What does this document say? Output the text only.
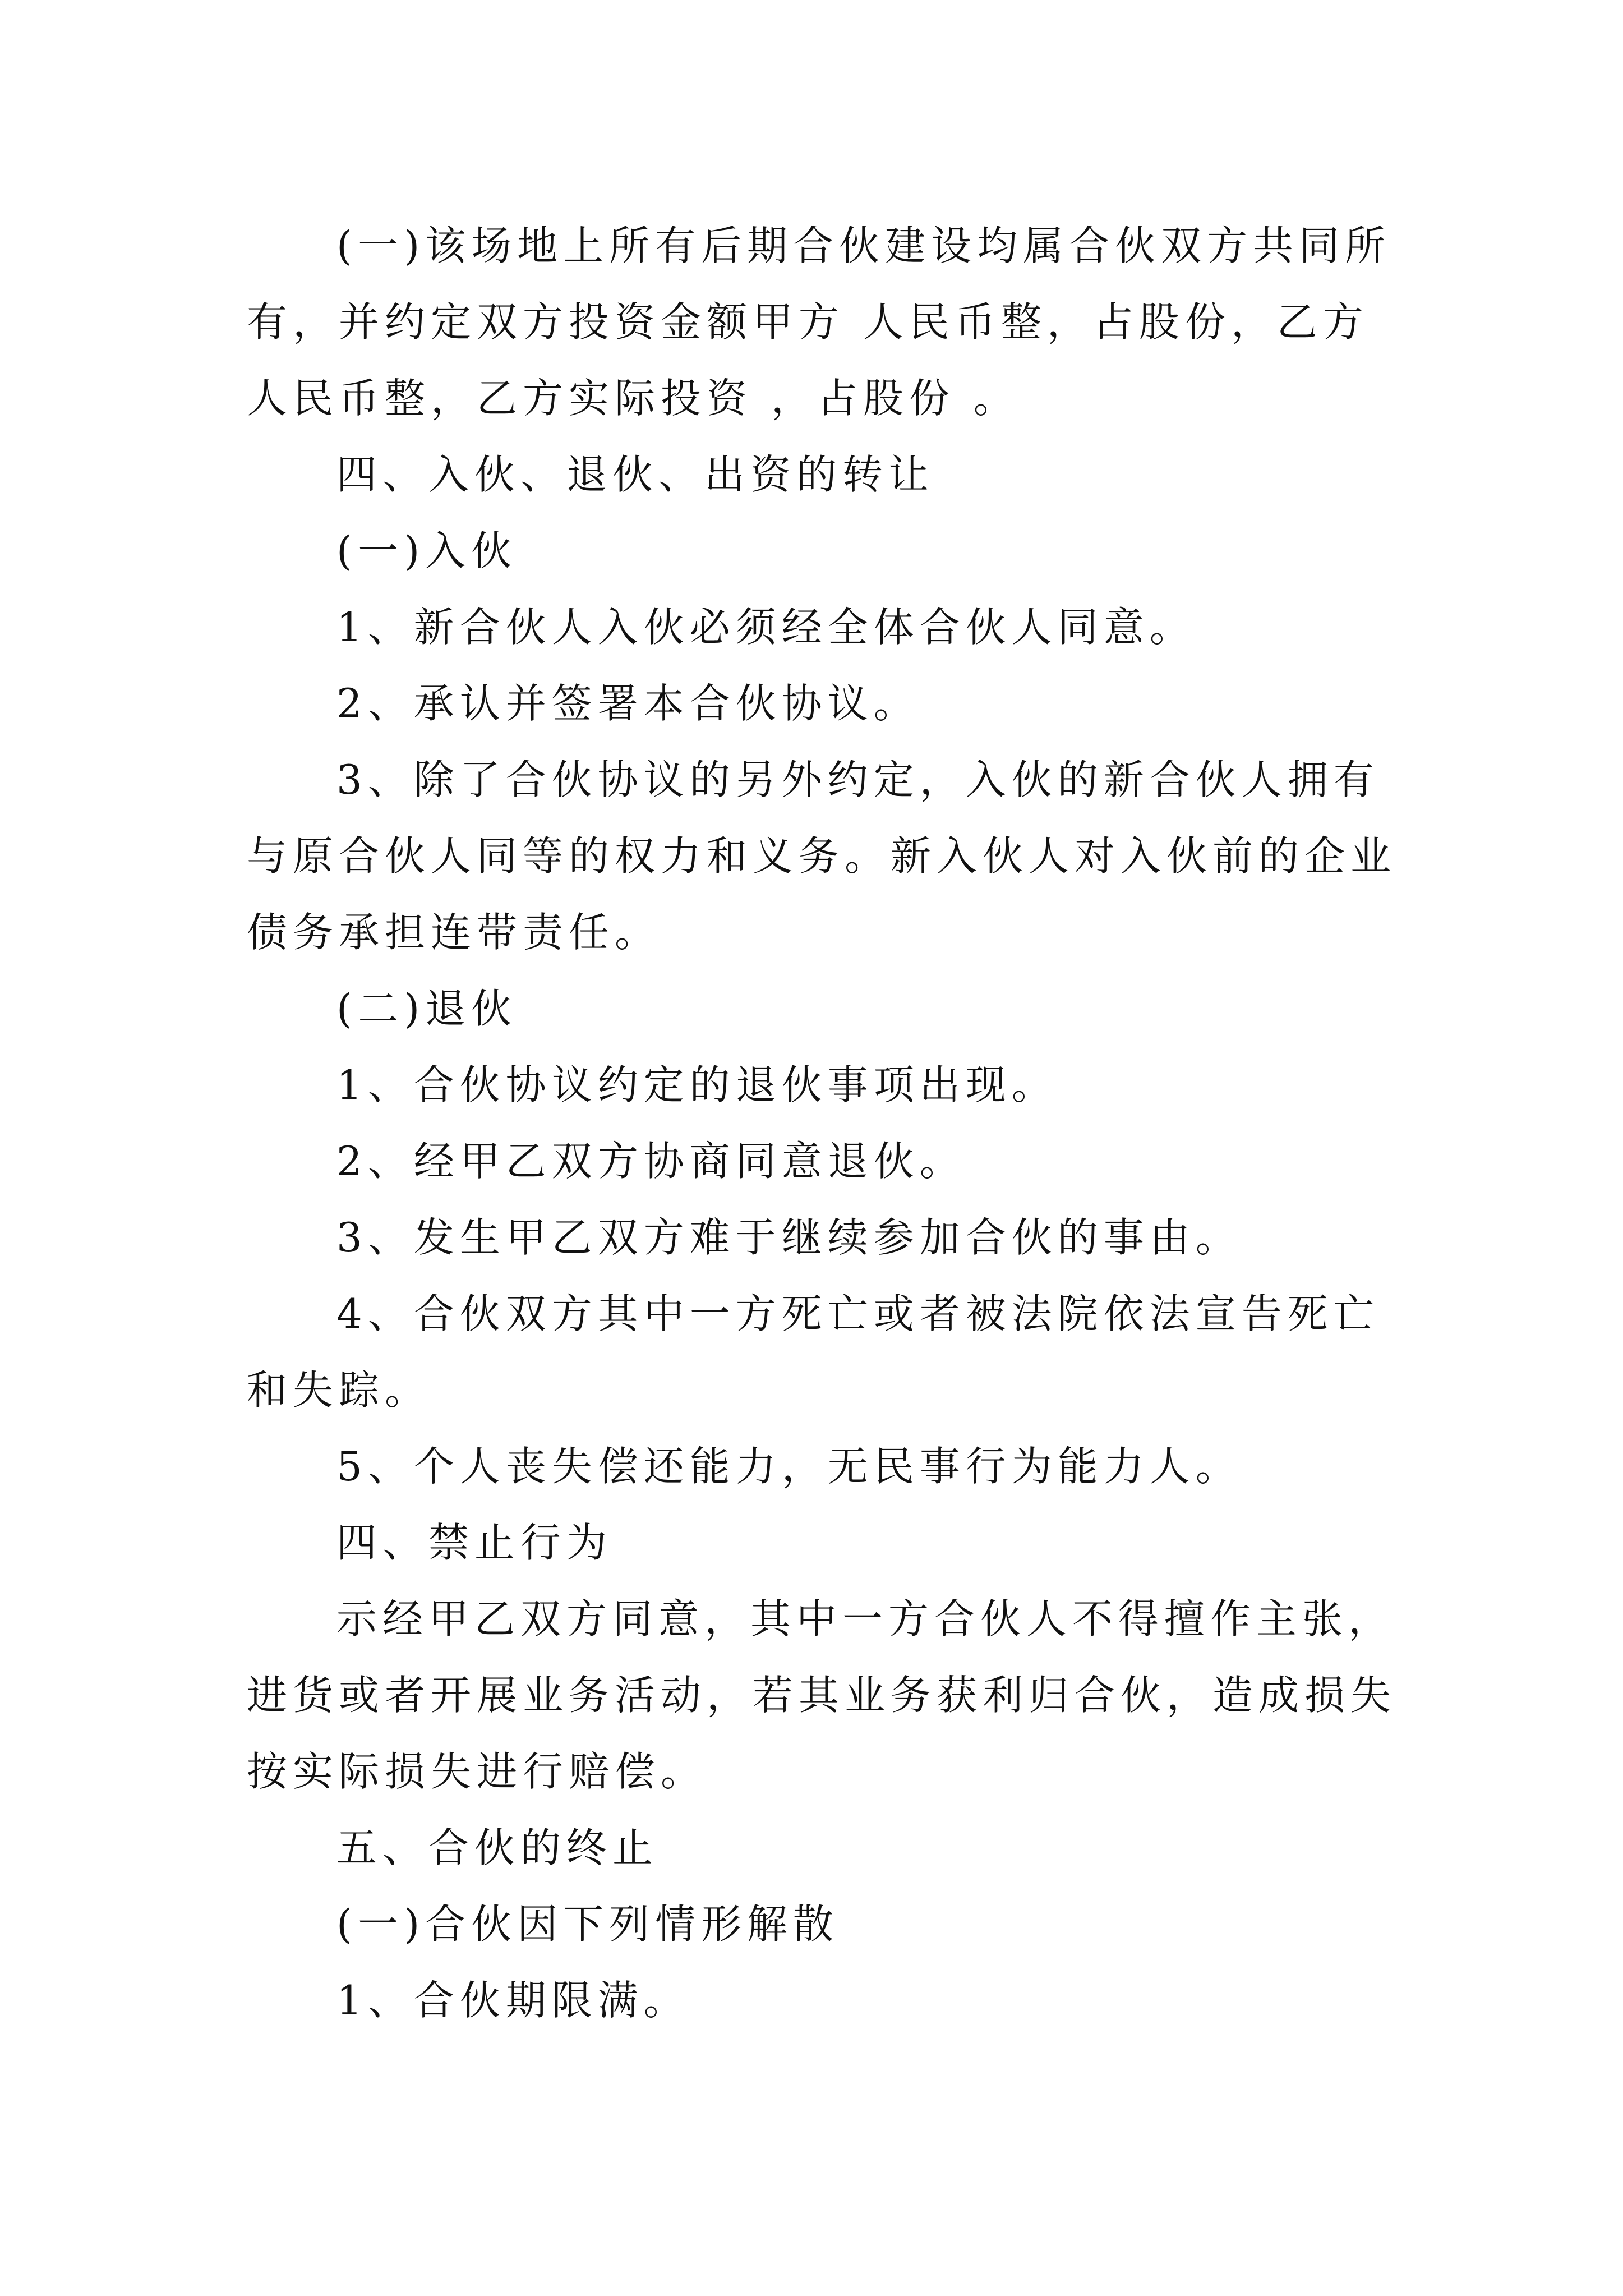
(一)该场地上所有后期合伙建设均属合伙双方共同所有，并约定双方投资金额甲方 人民币整，占股份，乙方 人民币整，乙方实际投资 ，占股份 。

四、入伙、退伙、出资的转让

(一)入伙

1、新合伙人入伙必须经全体合伙人同意。

2、承认并签署本合伙协议。

3、除了合伙协议的另外约定，入伙的新合伙人拥有与原合伙人同等的权力和义务。新入伙人对入伙前的企业债务承担连带责任。

(二)退伙

1、合伙协议约定的退伙事项出现。

2、经甲乙双方协商同意退伙。

3、发生甲乙双方难于继续参加合伙的事由。

4、合伙双方其中一方死亡或者被法院依法宣告死亡和失踪。

5、个人丧失偿还能力，无民事行为能力人。

四、禁止行为

示经甲乙双方同意，其中一方合伙人不得擅作主张，进货或者开展业务活动，若其业务获利归合伙，造成损失按实际损失进行赔偿。

五、合伙的终止

(一)合伙因下列情形解散

1、合伙期限满。
